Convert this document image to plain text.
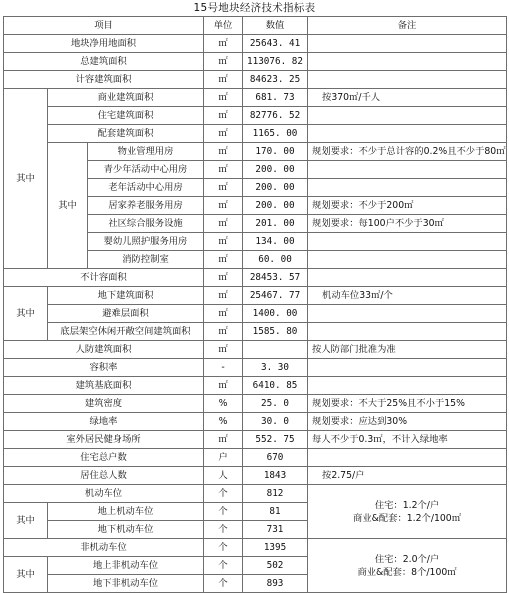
15号地块经济技术指标表
项目			单位	数值	备注
地块净用地面积			㎡	25643. 41	
总建筑面积			㎡	113076. 82	
计容建筑面积			㎡	84623. 25	
其中	商业建筑面积		㎡	681. 73	按370㎡/千人
	住宅建筑面积		㎡	82776. 52	
	配套建筑面积		㎡	1165. 00	
	其中	物业管理用房	㎡	170. 00	规划要求：不少于总计容的0.2%且不少于80㎡
		青少年活动中心用房	㎡	200. 00	
		老年活动中心用房	㎡	200. 00	
		居家养老服务用房	㎡	200. 00	规划要求：不少于200㎡
		社区综合服务设施	㎡	201. 00	规划要求：每100户不少于30㎡
		婴幼儿照护服务用房	㎡	134. 00	
		消防控制室	㎡	60. 00	
不计容面积			㎡	28453. 57	
其中	地下建筑面积		㎡	25467. 77	机动车位33㎡/个
	避难层面积		㎡	1400. 00	
	底层架空休闲开敞空间建筑面积		㎡	1585. 80	
人防建筑面积			㎡		按人防部门批准为准
容积率			-	3. 30	
建筑基底面积			㎡	6410. 85	
建筑密度			%	25. 0	规划要求：不大于25%且不小于15%
绿地率			%	30. 0	规划要求：应达到30%
室外居民健身场所			㎡	552. 75	每人不少于0.3㎡，不计入绿地率
住宅总户数			户	670	
居住总人数			人	1843	按2.75/户
机动车位			个	812	住宅：1.2个/户
商业&配套：1.2个/100㎡

其中	地上机动车位		个	81	
	地下机动车位		个	731	
非机动车位			个	1395	住宅：2.0个/户
商业&配套：8个/100㎡

其中	地上非机动车位		个	502	
	地下非机动车位		个	893	
